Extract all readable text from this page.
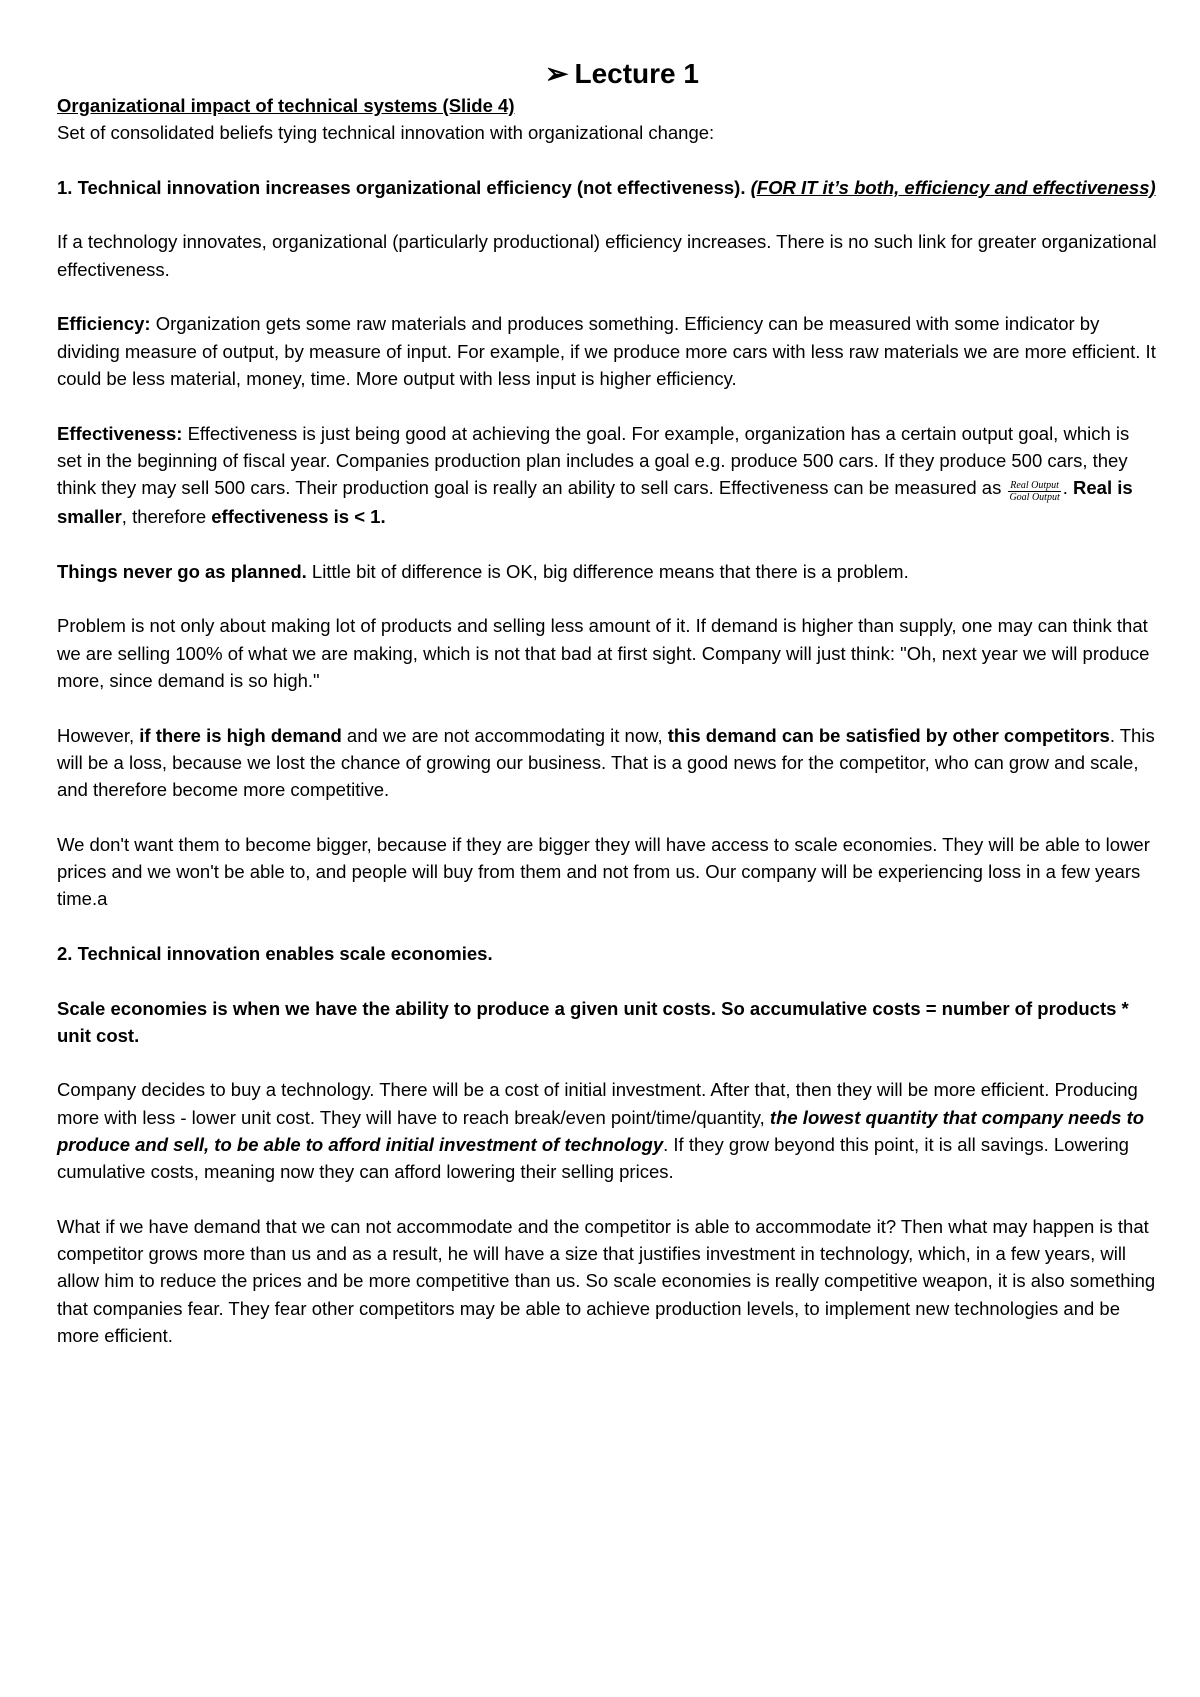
➢ Lecture 1

Organizational impact of technical systems (Slide 4)

Set of consolidated beliefs tying technical innovation with organizational change:

1. Technical innovation increases organizational efficiency (not effectiveness). (FOR IT it’s both, efficiency and effectiveness)

If a technology innovates, organizational (particularly productional) efficiency increases. There is no such link for greater organizational effectiveness.

Efficiency: Organization gets some raw materials and produces something. Efficiency can be measured with some indicator by dividing measure of output, by measure of input. For example, if we produce more cars with less raw materials we are more efficient. It could be less material, money, time. More output with less input is higher efficiency.

Effectiveness: Effectiveness is just being good at achieving the goal. For example, organization has a certain output goal, which is set in the beginning of fiscal year. Companies production plan includes a goal e.g. produce 500 cars. If they produce 500 cars, they think they may sell 500 cars. Their production goal is really an ability to sell cars. Effectiveness can be measured as $\frac{\text{Real Output}}{\text{Goal Output}}$ . Real is smaller, therefore effectiveness is < 1.

Things never go as planned. Little bit of difference is OK, big difference means that there is a problem.

Problem is not only about making lot of products and selling less amount of it. If demand is higher than supply, one may can think that we are selling 100% of what we are making, which is not that bad at first sight. Company will just think: "Oh, next year we will produce more, since demand is so high."

However, if there is high demand and we are not accommodating it now, this demand can be satisfied by other competitors. This will be a loss, because we lost the chance of growing our business. That is a good news for the competitor, who can grow and scale, and therefore become more competitive.

We don't want them to become bigger, because if they are bigger they will have access to scale economies. They will be able to lower prices and we won't be able to, and people will buy from them and not from us. Our company will be experiencing loss in a few years time.a

2. Technical innovation enables scale economies.

Scale economies is when we have the ability to produce a given unit costs. So accumulative costs = number of products * unit cost.

Company decides to buy a technology. There will be a cost of initial investment. After that, then they will be more efficient. Producing more with less - lower unit cost. They will have to reach break/even point/time/quantity, the lowest quantity that company needs to produce and sell, to be able to afford initial investment of technology. If they grow beyond this point, it is all savings. Lowering cumulative costs, meaning now they can afford lowering their selling prices.

What if we have demand that we can not accommodate and the competitor is able to accommodate it? Then what may happen is that competitor grows more than us and as a result, he will have a size that justifies investment in technology, which, in a few years, will allow him to reduce the prices and be more competitive than us. So scale economies is really competitive weapon, it is also something that companies fear. They fear other competitors may be able to achieve production levels, to implement new technologies and be more efficient.
